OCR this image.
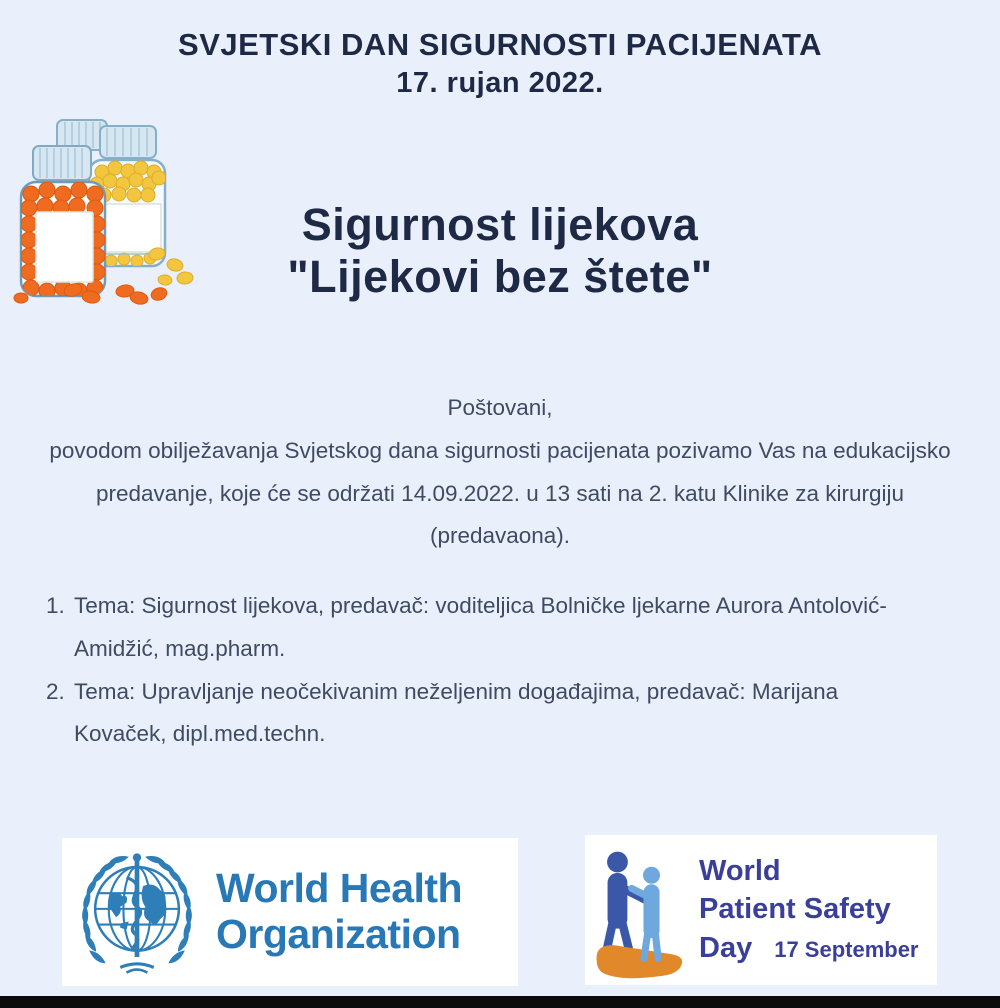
SVJETSKI DAN SIGURNOSTI PACIJENATA
17. rujan 2022.
Sigurnost lijekova
"Lijekovi bez štete"
Poštovani,
povodom obilježavanja Svjetskog dana sigurnosti pacijenata pozivamo Vas na edukacijsko predavanje, koje će se održati 14.09.2022. u 13 sati na 2. katu Klinike za kirurgiju (predavaona).
1. Tema: Sigurnost lijekova, predavač: voditeljica Bolničke ljekarne Aurora Antolović-Amidžić, mag.pharm.
2. Tema: Upravljanje neočekivanim neželjenim događajima, predavač: Marijana Kovaček, dipl.med.techn.
World Health
Organization
World
Patient Safety
Day 17 September
